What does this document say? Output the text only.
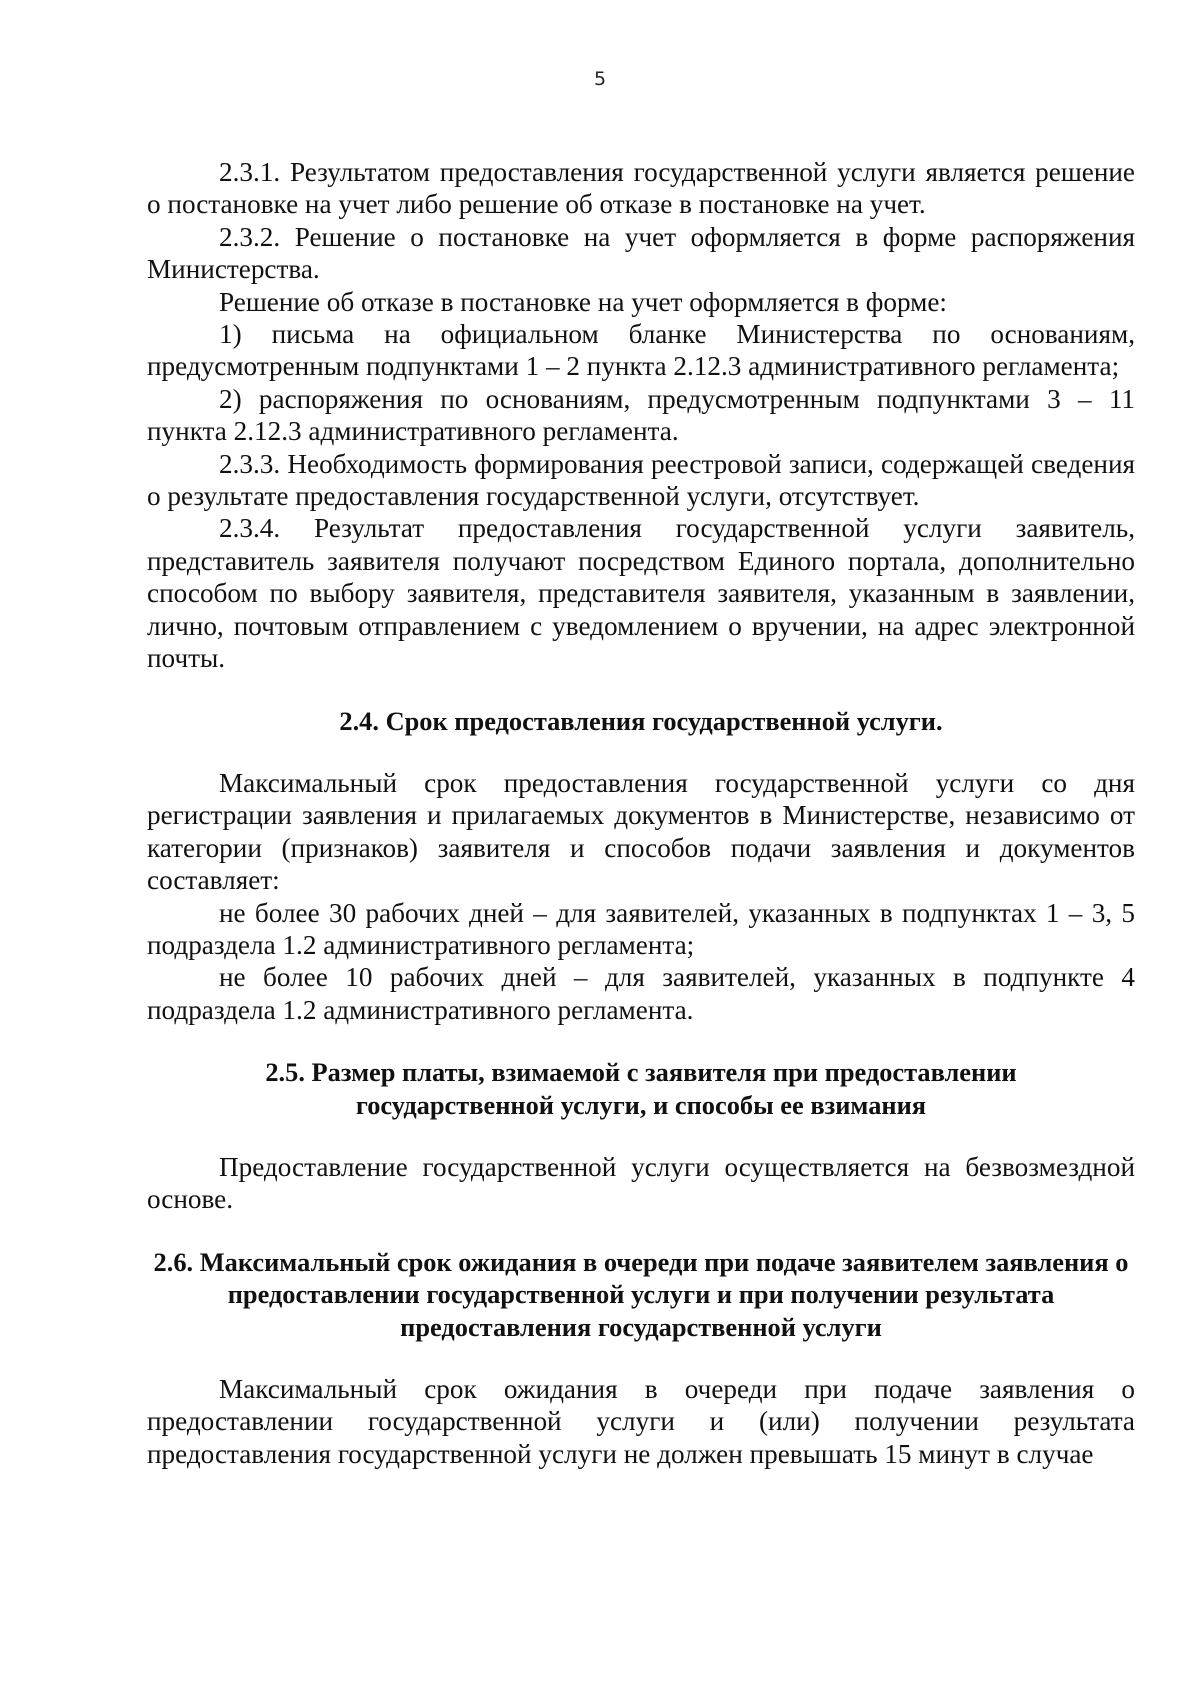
5

2.3.1. Результатом предоставления государственной услуги является решение о постановке на учет либо решение об отказе в постановке на учет.

2.3.2. Решение о постановке на учет оформляется в форме распоряжения Министерства.

Решение об отказе в постановке на учет оформляется в форме:

1) письма на официальном бланке Министерства по основаниям, предусмотренным подпунктами 1 – 2 пункта 2.12.3 административного регламента;

2) распоряжения по основаниям, предусмотренным подпунктами 3 – 11 пункта 2.12.3 административного регламента.

2.3.3. Необходимость формирования реестровой записи, содержащей сведения о результате предоставления государственной услуги, отсутствует.

2.3.4. Результат предоставления государственной услуги заявитель, представитель заявителя получают посредством Единого портала, дополнительно способом по выбору заявителя, представителя заявителя, указанным в заявлении, лично, почтовым отправлением с уведомлением о вручении, на адрес электронной почты.

2.4. Срок предоставления государственной услуги.

Максимальный срок предоставления государственной услуги со дня регистрации заявления и прилагаемых документов в Министерстве, независимо от категории (признаков) заявителя и способов подачи заявления и документов составляет:

не более 30 рабочих дней – для заявителей, указанных в подпунктах 1 – 3, 5 подраздела 1.2 административного регламента;

не более 10 рабочих дней – для заявителей, указанных в подпункте 4 подраздела 1.2 административного регламента.

2.5. Размер платы, взимаемой с заявителя при предоставлении государственной услуги, и способы ее взимания

Предоставление государственной услуги осуществляется на безвозмездной основе.

2.6. Максимальный срок ожидания в очереди при подаче заявителем заявления о предоставлении государственной услуги и при получении результата предоставления государственной услуги

Максимальный срок ожидания в очереди при подаче заявления о предоставлении государственной услуги и (или) получении результата предоставления государственной услуги не должен превышать 15 минут в случае
